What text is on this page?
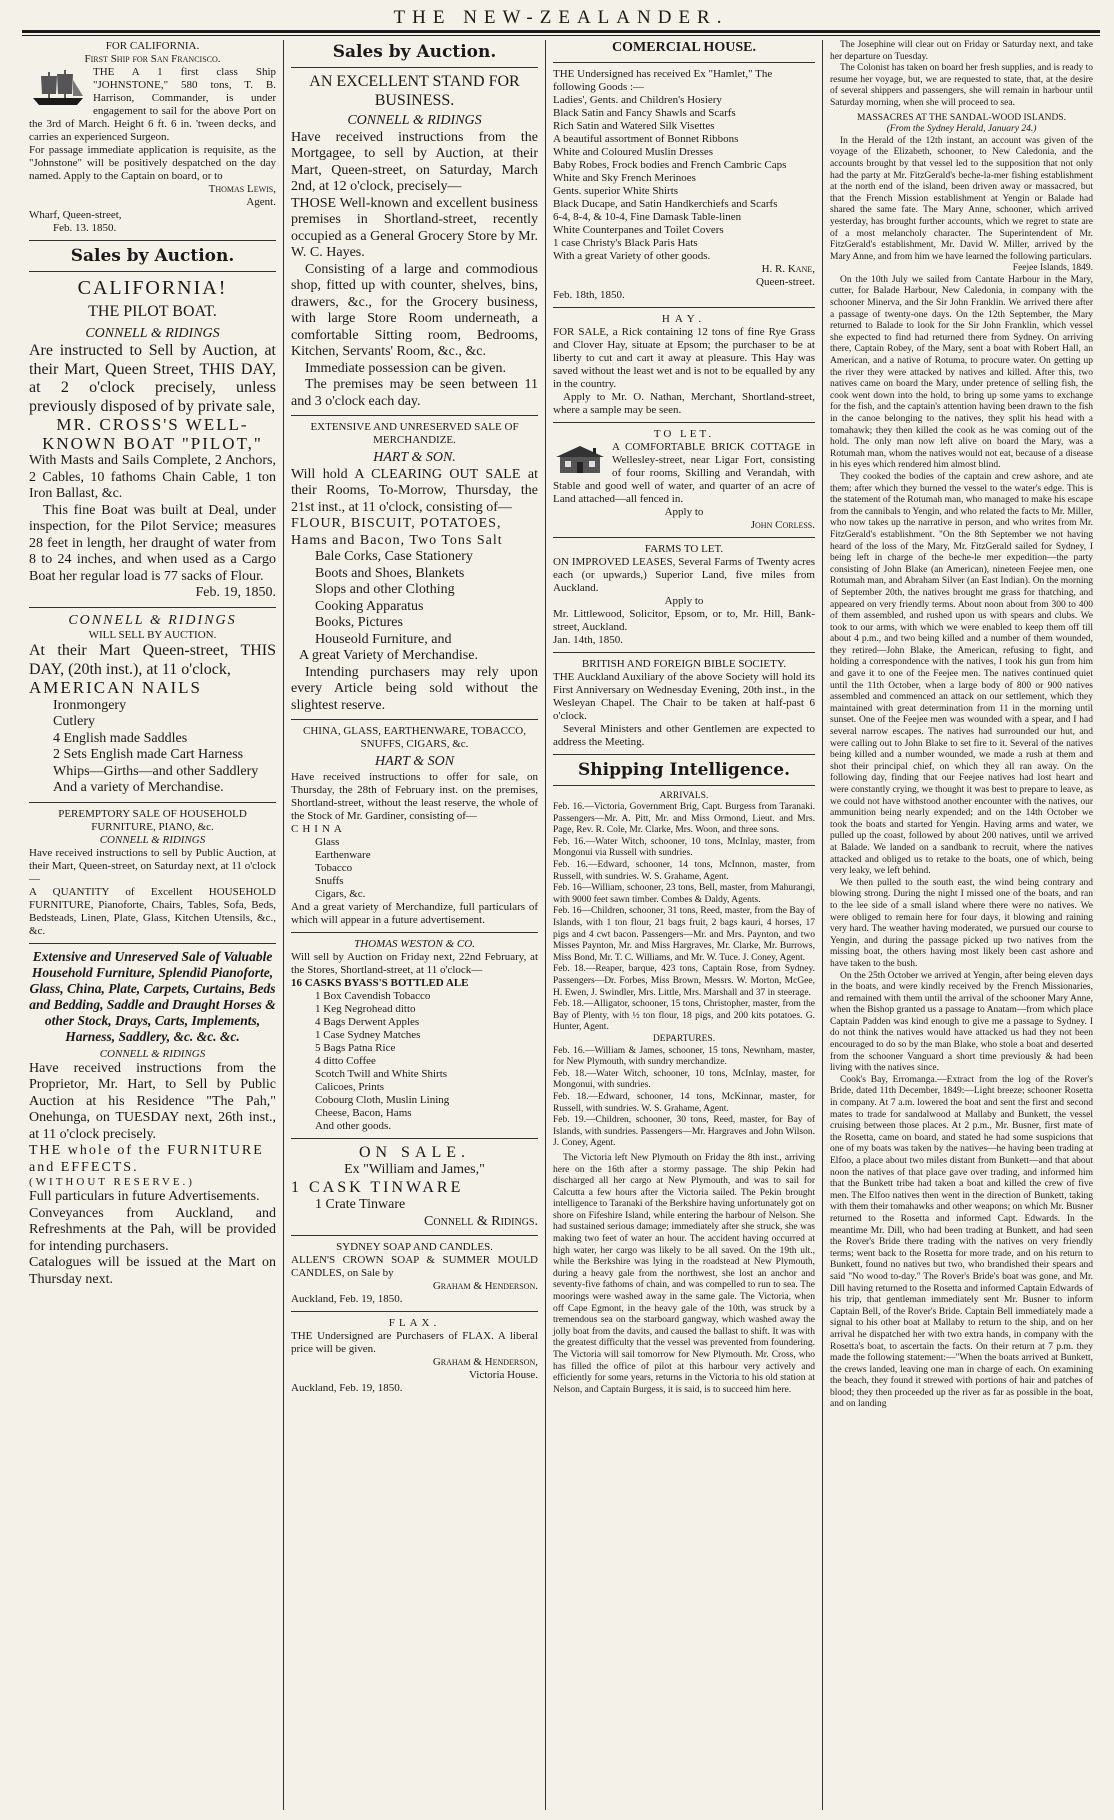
THE NEW-ZEALANDER.

FOR CALIFORNIA.

First Ship for San Francisco.

THE A 1 first class Ship "JOHNSTONE," 580 tons, T. B. Harrison, Commander, is under engagement to sail for the above Port on the 3rd of March. Height 6 ft. 6 in. 'tween decks, and carries an experienced Surgeon.

For passage immediate application is requisite, as the "Johnstone" will be positively despatched on the day named. Apply to the Captain on board, or to

Thomas Lewis,

Agent.

Wharf, Queen-street,

Feb. 13. 1850.

Sales by Auction.

CALIFORNIA!

THE PILOT BOAT.

CONNELL & RIDINGS

Are instructed to Sell by Auction, at their Mart, Queen Street, THIS DAY, at 2 o'clock precisely, unless previously disposed of by private sale,

MR. CROSS'S WELL-KNOWN BOAT "PILOT,"

With Masts and Sails Complete, 2 Anchors, 2 Cables, 10 fathoms Chain Cable, 1 ton Iron Ballast, &c.

This fine Boat was built at Deal, under inspection, for the Pilot Service; measures 28 feet in length, her draught of water from 8 to 24 inches, and when used as a Cargo Boat her regular load is 77 sacks of Flour.

Feb. 19, 1850.

CONNELL & RIDINGS

WILL SELL BY AUCTION.

At their Mart Queen-street, THIS DAY, (20th inst.), at 11 o'clock,

AMERICAN NAILS

Ironmongery

Cutlery

4 English made Saddles

2 Sets English made Cart Harness

Whips—Girths—and other Saddlery

And a variety of Merchandise.

PEREMPTORY SALE OF HOUSEHOLD FURNITURE, PIANO, &c.

CONNELL & RIDINGS

Have received instructions to sell by Public Auction, at their Mart, Queen-street, on Saturday next, at 11 o'clock—

A QUANTITY of Excellent HOUSEHOLD FURNITURE, Pianoforte, Chairs, Tables, Sofa, Beds, Bedsteads, Linen, Plate, Glass, Kitchen Utensils, &c., &c.

Extensive and Unreserved Sale of Valuable Household Furniture, Splendid Pianoforte, Glass, China, Plate, Carpets, Curtains, Beds and Bedding, Saddle and Draught Horses & other Stock, Drays, Carts, Implements, Harness, Saddlery, &c. &c. &c.

CONNELL & RIDINGS

Have received instructions from the Proprietor, Mr. Hart, to Sell by Public Auction at his Residence "The Pah," Onehunga, on TUESDAY next, 26th inst., at 11 o'clock precisely.

THE whole of the FURNITURE and EFFECTS.

(WITHOUT RESERVE.)

Full particulars in future Advertisements.

Conveyances from Auckland, and Refreshments at the Pah, will be provided for intending purchasers.

Catalogues will be issued at the Mart on Thursday next.

Sales by Auction.

AN EXCELLENT STAND FOR BUSINESS.

CONNELL & RIDINGS

Have received instructions from the Mortgagee, to sell by Auction, at their Mart, Queen-street, on Saturday, March 2nd, at 12 o'clock, precisely—

THOSE Well-known and excellent business premises in Shortland-street, recently occupied as a General Grocery Store by Mr. W. C. Hayes.

Consisting of a large and commodious shop, fitted up with counter, shelves, bins, drawers, &c., for the Grocery business, with large Store Room underneath, a comfortable Sitting room, Bedrooms, Kitchen, Servants' Room, &c., &c.

Immediate possession can be given.

The premises may be seen between 11 and 3 o'clock each day.

EXTENSIVE AND UNRESERVED SALE OF MERCHANDIZE.

HART & SON.

Will hold A CLEARING OUT SALE at their Rooms, To-Morrow, Thursday, the 21st inst., at 11 o'clock, consisting of—

FLOUR, BISCUIT, POTATOES, Hams and Bacon, Two Tons Salt

Bale Corks, Case Stationery

Boots and Shoes, Blankets

Slops and other Clothing

Cooking Apparatus

Books, Pictures

Houseold Furniture, and

A great Variety of Merchandise.

Intending purchasers may rely upon every Article being sold without the slightest reserve.

CHINA, GLASS, EARTHENWARE, TOBACCO, SNUFFS, CIGARS, &c.

HART & SON

Have received instructions to offer for sale, on Thursday, the 28th of February inst. on the premises, Shortland-street, without the least reserve, the whole of the Stock of Mr. Gardiner, consisting of—

CHINA

Glass

Earthenware

Tobacco

Snuffs

Cigars, &c.

And a great variety of Merchandize, full particulars of which will appear in a future advertisement.

THOMAS WESTON & CO.

Will sell by Auction on Friday next, 22nd February, at the Stores, Shortland-street, at 11 o'clock—

16 CASKS BYASS'S BOTTLED ALE

1 Box Cavendish Tobacco

1 Keg Negrohead ditto

4 Bags Derwent Apples

1 Case Sydney Matches

5 Bags Patna Rice

4 ditto Coffee

Scotch Twill and White Shirts

Calicoes, Prints

Cobourg Cloth, Muslin Lining

Cheese, Bacon, Hams

And other goods.

ON SALE.

Ex "William and James,"

1 CASK TINWARE

1 Crate Tinware

Connell & Ridings.

SYDNEY SOAP AND CANDLES.

ALLEN'S CROWN SOAP & SUMMER MOULD CANDLES, on Sale by

Graham & Henderson.

Auckland, Feb. 19, 1850.

FLAX.

THE Undersigned are Purchasers of FLAX. A liberal price will be given.

Graham & Henderson,

Victoria House.

Auckland, Feb. 19, 1850.

COMERCIAL HOUSE.

THE Undersigned has received Ex "Hamlet," The following Goods :—

Ladies', Gents. and Children's Hosiery

Black Satin and Fancy Shawls and Scarfs

Rich Satin and Watered Silk Visettes

A beautiful assortment of Bonnet Ribbons

White and Coloured Muslin Dresses

Baby Robes, Frock bodies and French Cambric Caps

White and Sky French Merinoes

Gents. superior White Shirts

Black Ducape, and Satin Handkerchiefs and Scarfs

6-4, 8-4, & 10-4, Fine Damask Table-linen

White Counterpanes and Toilet Covers

1 case Christy's Black Paris Hats

With a great Variety of other goods.

H. R. Kane,

Queen-street.

Feb. 18th, 1850.

HAY.

FOR SALE, a Rick containing 12 tons of fine Rye Grass and Clover Hay, situate at Epsom; the purchaser to be at liberty to cut and cart it away at pleasure. This Hay was saved without the least wet and is not to be equalled by any in the country.

Apply to Mr. O. Nathan, Merchant, Shortland-street, where a sample may be seen.

TO LET.

A COMFORTABLE BRICK COTTAGE in Wellesley-street, near Ligar Fort, consisting of four rooms, Skilling and Verandah, with Stable and good well of water, and quarter of an acre of Land attached—all fenced in.

Apply to

John Corless.

FARMS TO LET.

ON IMPROVED LEASES, Several Farms of Twenty acres each (or upwards,) Superior Land, five miles from Auckland.

Apply to

Mr. Littlewood, Solicitor, Epsom, or to, Mr. Hill, Bank-street, Auckland.

Jan. 14th, 1850.

BRITISH AND FOREIGN BIBLE SOCIETY.

THE Auckland Auxiliary of the above Society will hold its First Anniversary on Wednesday Evening, 20th inst., in the Wesleyan Chapel. The Chair to be taken at half-past 6 o'clock.

Several Ministers and other Gentlemen are expected to address the Meeting.

Shipping Intelligence.

ARRIVALS.

Feb. 16.—Victoria, Government Brig, Capt. Burgess from Taranaki. Passengers—Mr. A. Pitt, Mr. and Miss Ormond, Lieut. and Mrs. Page, Rev. R. Cole, Mr. Clarke, Mrs. Woon, and three sons.

Feb. 16.—Water Witch, schooner, 10 tons, McInlay, master, from Mongonui via Russell with sundries.

Feb. 16.—Edward, schooner, 14 tons, McInnon, master, from Russell, with sundries. W. S. Grahame, Agent.

Feb. 16—William, schooner, 23 tons, Bell, master, from Mahurangi, with 9000 feet sawn timber. Combes & Daldy, Agents.

Feb. 16—Children, schooner, 31 tons, Reed, master, from the Bay of Islands, with 1 ton flour, 21 bags fruit, 2 bags kauri, 4 horses, 17 pigs and 4 cwt bacon. Passengers—Mr. and Mrs. Paynton, and two Misses Paynton, Mr. and Miss Hargraves, Mr. Clarke, Mr. Burrows, Miss Bond, Mr. T. C. Williams, and Mr. W. Tuce. J. Coney, Agent.

Feb. 18.—Reaper, barque, 423 tons, Captain Rose, from Sydney. Passengers—Dr. Forbes, Miss Brown, Messrs. W. Morton, McGee, H. Ewen, J. Swindler, Mrs. Little, Mrs. Marshall and 37 in steerage.

Feb. 18.—Alligator, schooner, 15 tons, Christopher, master, from the Bay of Plenty, with ½ ton flour, 18 pigs, and 200 kits potatoes. G. Hunter, Agent.

DEPARTURES.

Feb. 16.—William & James, schooner, 15 tons, Newnham, master, for New Plymouth, with sundry merchandize.

Feb. 18.—Water Witch, schooner, 10 tons, McInlay, master, for Mongonui, with sundries.

Feb. 18.—Edward, schooner, 14 tons, McKinnar, master, for Russell, with sundries. W. S. Grahame, Agent.

Feb. 19.—Children, schooner, 30 tons, Reed, master, for Bay of Islands, with sundries. Passengers—Mr. Hargraves and John Wilson. J. Coney, Agent.

The Victoria left New Plymouth on Friday the 8th inst., arriving here on the 16th after a stormy passage. The ship Pekin had discharged all her cargo at New Plymouth, and was to sail for Calcutta a few hours after the Victoria sailed. The Pekin brought intelligence to Taranaki of the Berkshire having unfortunately got on shore on Fifeshire Island, while entering the harbour of Nelson. She had sustained serious damage; immediately after she struck, she was making two feet of water an hour. The accident having occurred at high water, her cargo was likely to be all saved. On the 19th ult., while the Berkshire was lying in the roadstead at New Plymouth, during a heavy gale from the northwest, she lost an anchor and seventy-five fathoms of chain, and was compelled to run to sea. The moorings were washed away in the same gale. The Victoria, when off Cape Egmont, in the heavy gale of the 10th, was struck by a tremendous sea on the starboard gangway, which washed away the jolly boat from the davits, and caused the ballast to shift. It was with the greatest difficulty that the vessel was prevented from foundering. The Victoria will sail tomorrow for New Plymouth. Mr. Cross, who has filled the office of pilot at this harbour very actively and efficiently for some years, returns in the Victoria to his old station at Nelson, and Captain Burgess, it is said, is to succeed him here.

The Josephine will clear out on Friday or Saturday next, and take her departure on Tuesday.

The Colonist has taken on board her fresh supplies, and is ready to resume her voyage, but, we are requested to state, that, at the desire of several shippers and passengers, she will remain in harbour until Saturday morning, when she will proceed to sea.

MASSACRES AT THE SANDAL-WOOD ISLANDS.

(From the Sydney Herald, January 24.)

In the Herald of the 12th instant, an account was given of the voyage of the Elizabeth, schooner, to New Caledonia, and the accounts brought by that vessel led to the supposition that not only had the party at Mr. FitzGerald's beche-la-mer fishing establishment at the north end of the island, been driven away or massacred, but that the French Mission establishment at Yengin or Balade had shared the same fate. The Mary Anne, schooner, which arrived yesterday, has brought further accounts, which we regret to state are of a most melancholy character. The Superintendent of Mr. FitzGerald's establishment, Mr. David W. Miller, arrived by the Mary Anne, and from him we have learned the following particulars.

Feejee Islands, 1849.

On the 10th July we sailed from Cantate Harbour in the Mary, cutter, for Balade Harbour, New Caledonia, in company with the schooner Minerva, and the Sir John Franklin. We arrived there after a passage of twenty-one days. On the 12th September, the Mary returned to Balade to look for the Sir John Franklin, which vessel she expected to find had returned there from Sydney. On arriving there, Captain Robey, of the Mary, sent a boat with Robert Hall, an American, and a native of Rotuma, to procure water. On getting up the river they were attacked by natives and killed. After this, two natives came on board the Mary, under pretence of selling fish, the cook went down into the hold, to bring up some yams to exchange for the fish, and the captain's attention having been drawn to the fish in the canoe belonging to the natives, they split his head with a tomahawk; they then killed the cook as he was coming out of the hold. The only man now left alive on board the Mary, was a Rotumah man, whom the natives would not eat, because of a disease in his eyes which rendered him almost blind.

They cooked the bodies of the captain and crew ashore, and ate them; after which they burned the vessel to the water's edge. This is the statement of the Rotumah man, who managed to make his escape from the cannibals to Yengin, and who related the facts to Mr. Miller, who now takes up the narrative in person, and who writes from Mr. FitzGerald's establishment. "On the 8th September we not having heard of the loss of the Mary, Mr. FitzGerald sailed for Sydney, I being left in charge of the beche-le mer expedition—the party consisting of John Blake (an American), nineteen Feejee men, one Rotumah man, and Abraham Silver (an East Indian). On the morning of September 20th, the natives brought me grass for thatching, and appeared on very friendly terms. About noon about from 300 to 400 of them assembled, and rushed upon us with spears and clubs. We took to our arms, with which we were enabled to keep them off till about 4 p.m., and two being killed and a number of them wounded, they retired—John Blake, the American, refusing to fight, and holding a correspondence with the natives, I took his gun from him and gave it to one of the Feejee men. The natives continued quiet until the 11th October, when a large body of 800 or 900 natives assembled and commenced an attack on our settlement, which they maintained with great determination from 11 in the morning until sunset. One of the Feejee men was wounded with a spear, and I had several narrow escapes. The natives had surrounded our hut, and were calling out to John Blake to set fire to it. Several of the natives being killed and a number wounded, we made a rush at them and shot their principal chief, on which they all ran away. On the following day, finding that our Feejee natives had lost heart and were constantly crying, we thought it was best to prepare to leave, as we could not have withstood another encounter with the natives, our ammunition being nearly expended; and on the 14th October we took the boats and started for Yengin. Having arms and water, we pulled up the coast, followed by about 200 natives, until we arrived at Balade. We landed on a sandbank to recruit, where the natives attacked and obliged us to retake to the boats, one of which, being very leaky, we left behind.

We then pulled to the south east, the wind being contrary and blowing strong. During the night I missed one of the boats, and ran to the lee side of a small island where there were no natives. We were obliged to remain here for four days, it blowing and raining very hard. The weather having moderated, we pursued our course to Yengin, and during the passage picked up two natives from the missing boat, the others having most likely been cast ashore and have taken to the bush.

On the 25th October we arrived at Yengin, after being eleven days in the boats, and were kindly received by the French Missionaries, and remained with them until the arrival of the schooner Mary Anne, when the Bishop granted us a passage to Anatam—from which place Captain Padden was kind enough to give me a passage to Sydney. I do not think the natives would have attacked us had they not been encouraged to do so by the man Blake, who stole a boat and deserted from the schooner Vanguard a short time previously & had been living with the natives since.

Cook's Bay, Erromanga.—Extract from the log of the Rover's Bride, dated 11th December, 1849:—Light breeze; schooner Rosetta in company. At 7 a.m. lowered the boat and sent the first and second mates to trade for sandalwood at Mallaby and Bunkett, the vessel cruising between those places. At 2 p.m., Mr. Busner, first mate of the Rosetta, came on board, and stated he had some suspicions that one of my boats was taken by the natives—he having been trading at Elfoo, a place about two miles distant from Bunkett—and that about noon the natives of that place gave over trading, and informed him that the Bunkett tribe had taken a boat and killed the crew of five men. The Elfoo natives then went in the direction of Bunkett, taking with them their tomahawks and other weapons; on which Mr. Busner returned to the Rosetta and informed Capt. Edwards. In the meantime Mr. Dill, who had been trading at Bunkett, and had seen the Rover's Bride there trading with the natives on very friendly terms; went back to the Rosetta for more trade, and on his return to Bunkett, found no natives but two, who brandished their spears and said "No wood to-day." The Rover's Bride's boat was gone, and Mr. Dill having returned to the Rosetta and informed Captain Edwards of his trip, that gentleman immediately sent Mr. Busner to inform Captain Bell, of the Rover's Bride. Captain Bell immediately made a signal to his other boat at Mallaby to return to the ship, and on her arrival he dispatched her with two extra hands, in company with the Rosetta's boat, to ascertain the facts. On their return at 7 p.m. they made the following statement:—"When the boats arrived at Bunkett, the crews landed, leaving one man in charge of each. On examining the beach, they found it strewed with portions of hair and patches of blood; they then proceeded up the river as far as possible in the boat, and on landing
